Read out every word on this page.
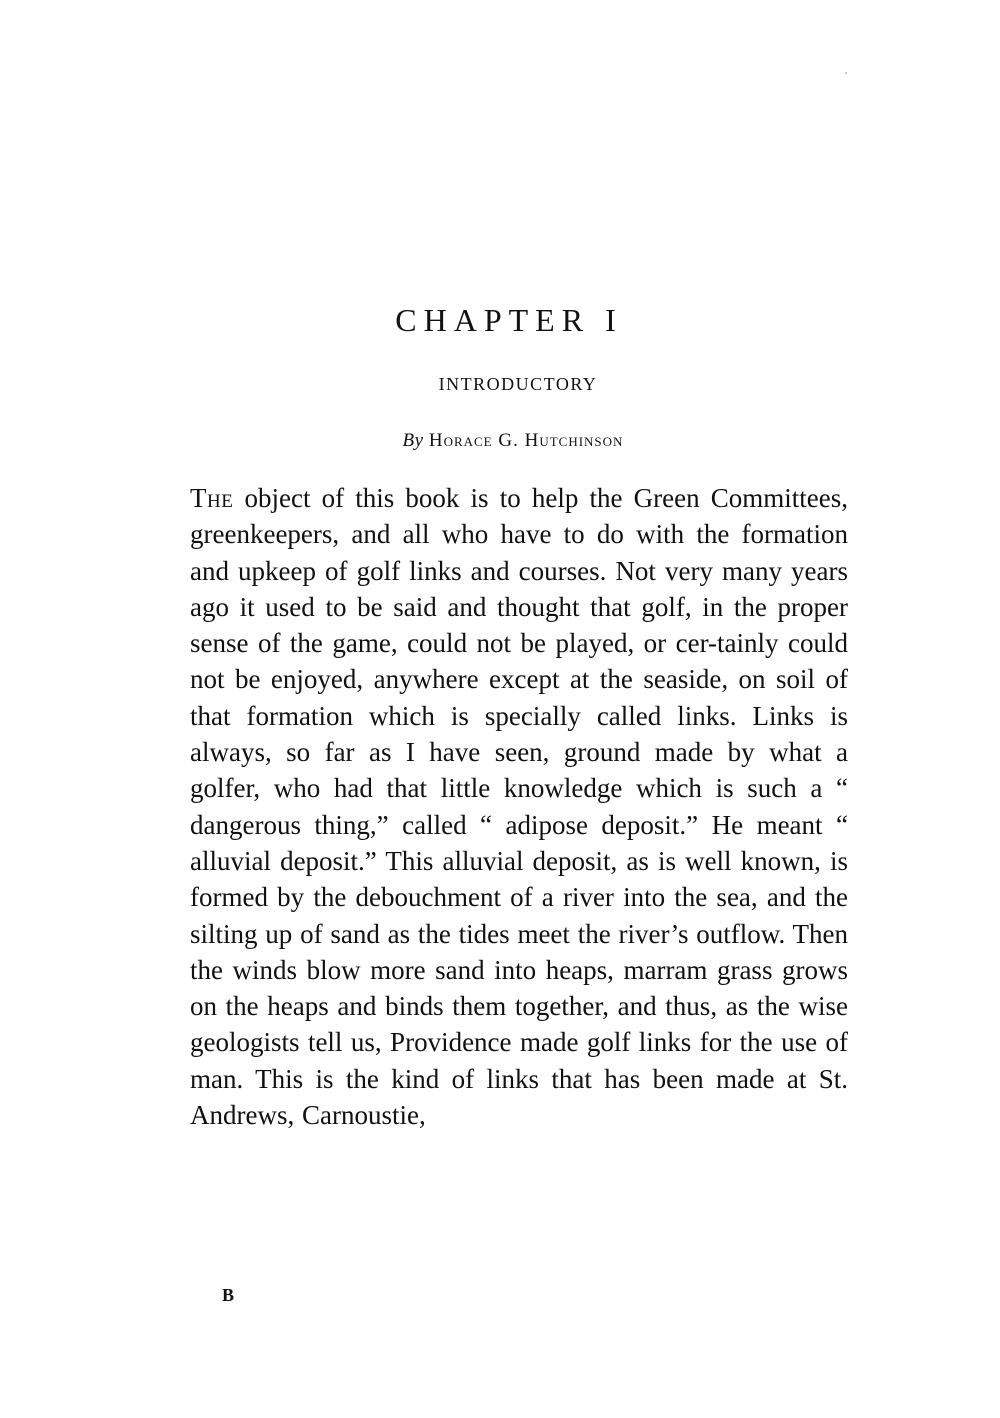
CHAPTER I
INTRODUCTORY
By Horace G. Hutchinson

The object of this book is to help the Green Committees, greenkeepers, and all who have to do with the formation and upkeep of golf links and courses. Not very many years ago it used to be said and thought that golf, in the proper sense of the game, could not be played, or cer-tainly could not be enjoyed, anywhere except at the seaside, on soil of that formation which is specially called links. Links is always, so far as I have seen, ground made by what a golfer, who had that little knowledge which is such a “ dangerous thing,” called “ adipose deposit.” He meant “ alluvial deposit.” This alluvial deposit, as is well known, is formed by the debouchment of a river into the sea, and the silting up of sand as the tides meet the river’s outflow. Then the winds blow more sand into heaps, marram grass grows on the heaps and binds them together, and thus, as the wise geologists tell us, Providence made golf links for the use of man. This is the kind of links that has been made at St. Andrews, Carnoustie,

B
